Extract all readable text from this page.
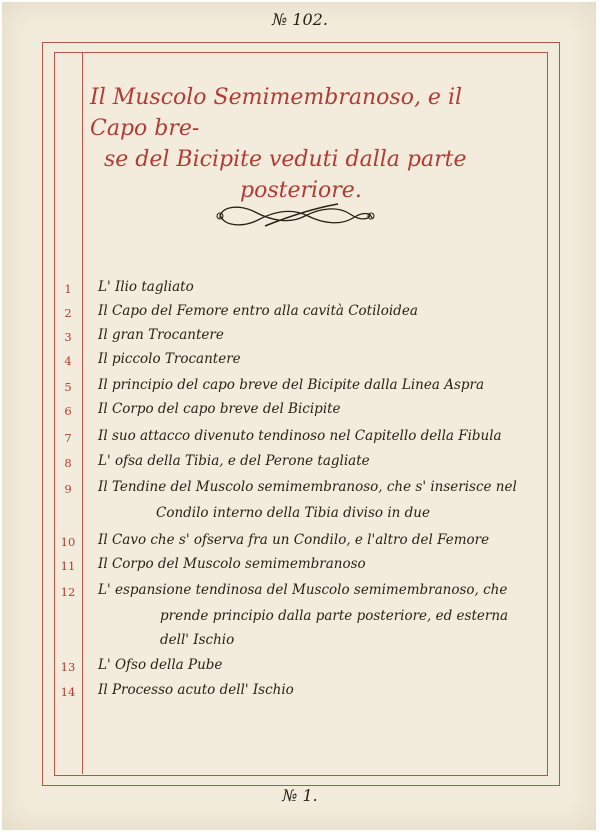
№ 102.
Il Muscolo Semimembranoso, e il Capo bre-
se del Bicipite veduti dalla parte
posteriore.
1	L' Ilio tagliato
2	Il Capo del Femore entro alla cavità Cotiloidea
3	Il gran Trocantere
4	Il piccolo Trocantere
5	Il principio del capo breve del Bicipite dalla Linea Aspra
6	Il Corpo del capo breve del Bicipite
7	Il suo attacco divenuto tendinoso nel Capitello della Fibula
8	L' ofsa della Tibia, e del Perone tagliate
9	Il Tendine del Muscolo semimembranoso, che s' inserisce nel
Condilo interno della Tibia diviso in due
10 Il Cavo che s' ofserva fra un Condilo, e l'altro del Femore
11 Il Corpo del Muscolo semimembranoso
12 L' espansione tendinosa del Muscolo semimembranoso, che
prende principio dalla parte posteriore, ed esterna
dell' Ischio
13 L' Ofso della Pube
14 Il Processo acuto dell' Ischio
№ 1.
